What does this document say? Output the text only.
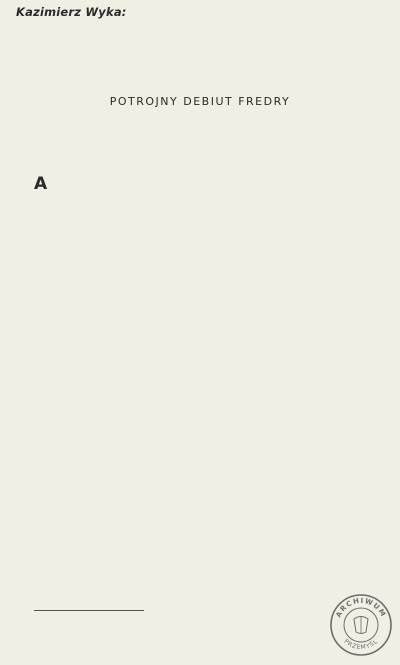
Kazimierz Wyka:
POTROJNY DEBIUT FREDRY

A

ARCHIWUM
PRZEMYŚL
